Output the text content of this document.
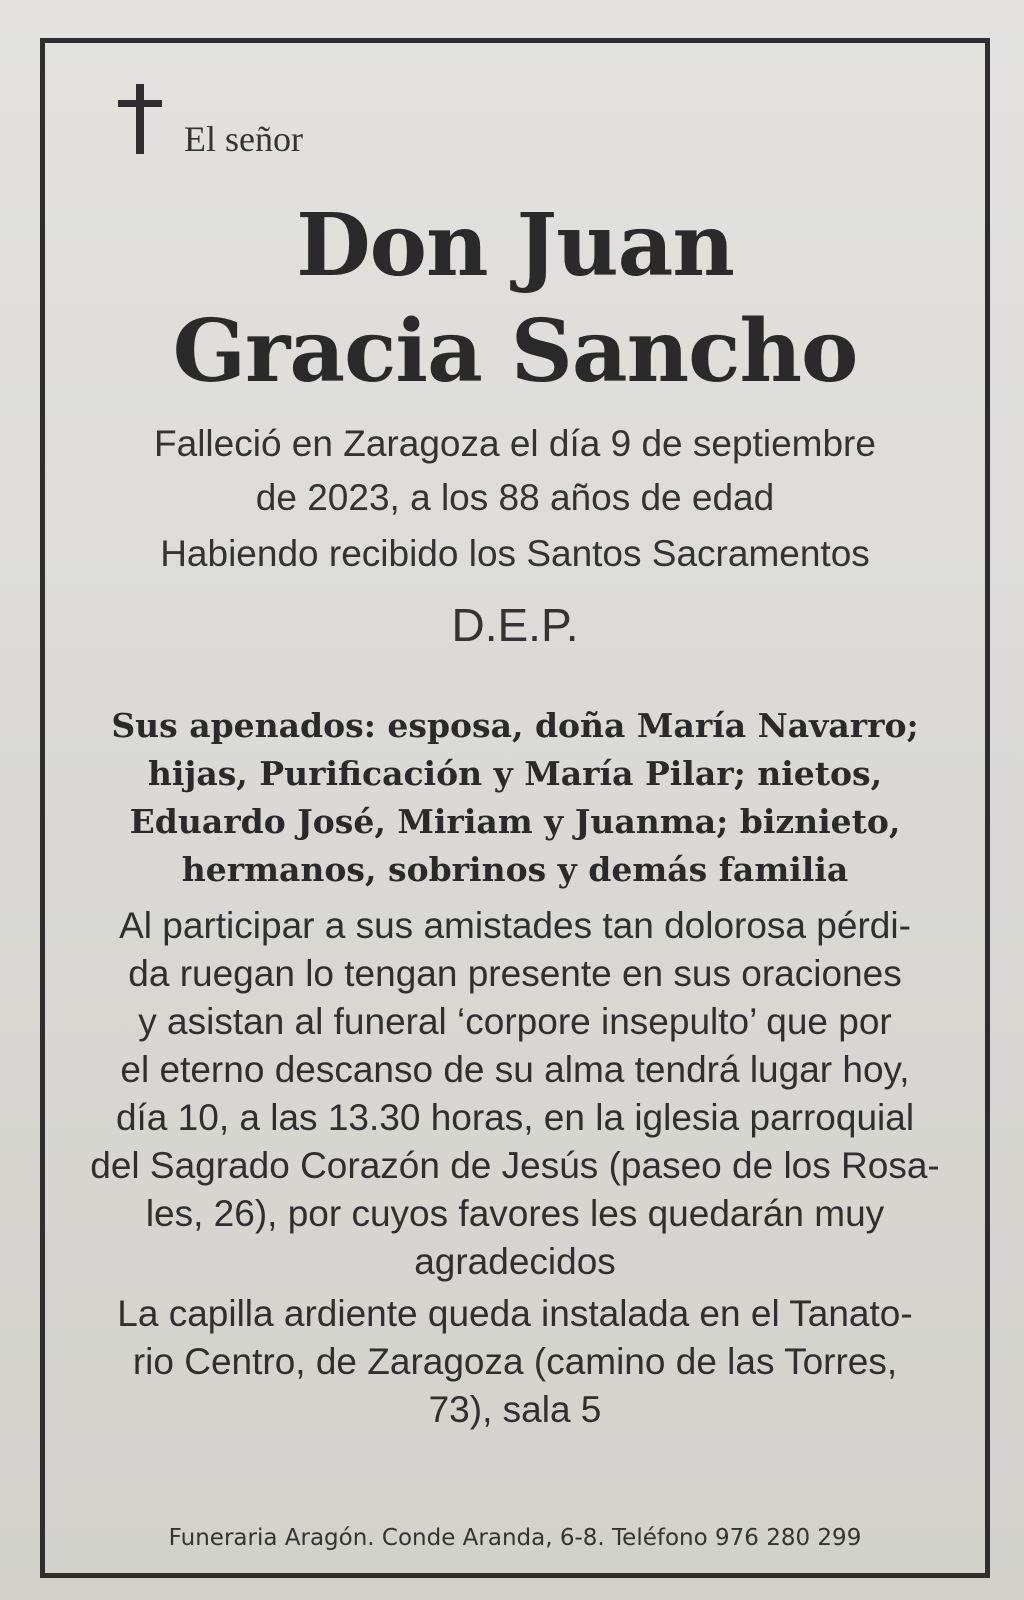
El señor
Don Juan
Gracia Sancho
Falleció en Zaragoza el día 9 de septiembre
de 2023, a los 88 años de edad
Habiendo recibido los Santos Sacramentos
D.E.P.
Sus apenados: esposa, doña María Navarro;
hijas, Purificación y María Pilar; nietos,
Eduardo José, Miriam y Juanma; biznieto,
hermanos, sobrinos y demás familia
Al participar a sus amistades tan dolorosa pérdi-
da ruegan lo tengan presente en sus oraciones
y asistan al funeral ‘corpore insepulto’ que por
el eterno descanso de su alma tendrá lugar hoy,
día 10, a las 13.30 horas, en la iglesia parroquial
del Sagrado Corazón de Jesús (paseo de los Rosa-
les, 26), por cuyos favores les quedarán muy
agradecidos
La capilla ardiente queda instalada en el Tanato-
rio Centro, de Zaragoza (camino de las Torres,
73), sala 5
Funeraria Aragón. Conde Aranda, 6-8. Teléfono 976 280 299
